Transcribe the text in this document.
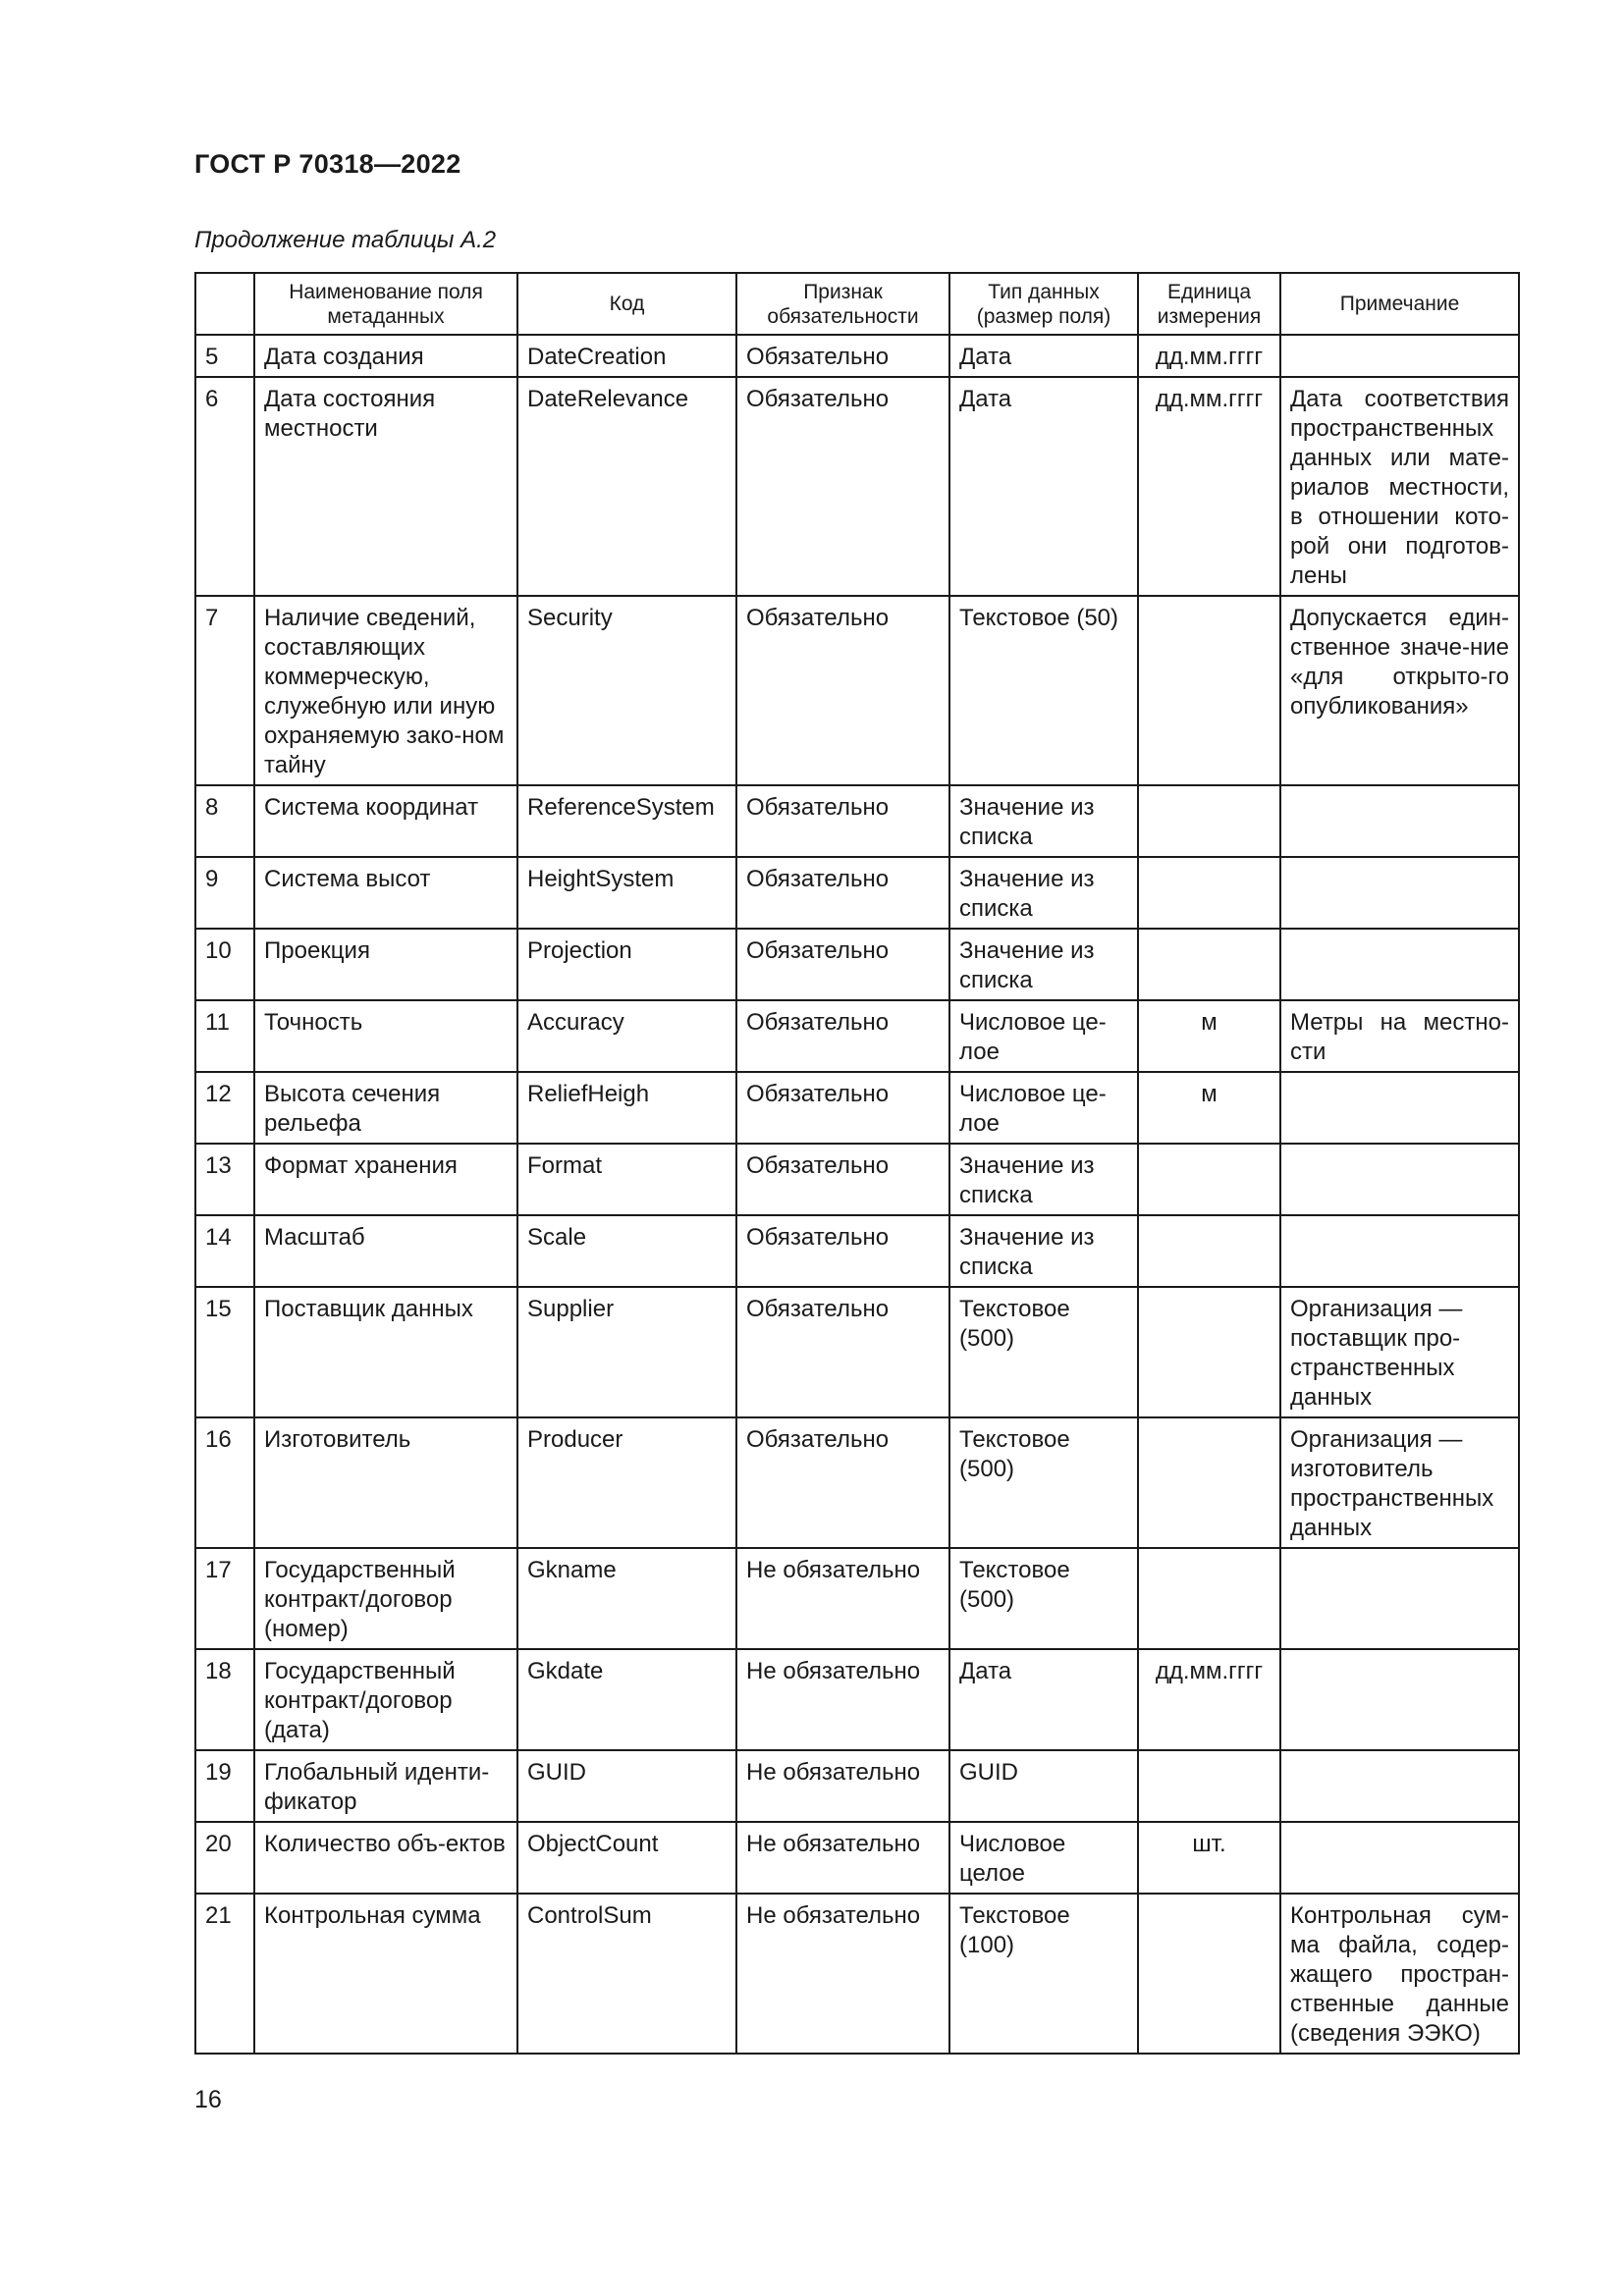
ГОСТ Р 70318—2022
Продолжение таблицы А.2
	Наименование поля метаданных	Код	Признак обязательности	Тип данных (размер поля)	Единица измерения	Примечание
5	Дата создания	DateCreation	Обязательно	Дата	дд.мм.гггг	
6	Дата состояния местности	DateRelevance	Обязательно	Дата	дд.мм.гггг	Дата соответствия пространственных данных или мате-риалов местности, в отношении кото-рой они подготов-лены
7	Наличие сведений, составляющих коммерческую, служебную или иную охраняемую зако-ном тайну	Security	Обязательно	Текстовое (50)		Допускается един-ственное значе-ние «для открыто-го опубликования»
8	Система координат	ReferenceSystem	Обязательно	Значение из списка		
9	Система высот	HeightSystem	Обязательно	Значение из списка		
10	Проекция	Projection	Обязательно	Значение из списка		
11	Точность	Accuracy	Обязательно	Числовое це-лое	м	Метры на местно-сти
12	Высота сечения рельефа	ReliefHeigh	Обязательно	Числовое це-лое	м	
13	Формат хранения	Format	Обязательно	Значение из списка		
14	Масштаб	Scale	Обязательно	Значение из списка		
15	Поставщик данных	Supplier	Обязательно	Текстовое (500)		Организация — поставщик про-странственных данных
16	Изготовитель	Producer	Обязательно	Текстовое (500)		Организация — изготовитель пространственных данных
17	Государственный контракт/договор (номер)	Gkname	Не обязательно	Текстовое (500)		
18	Государственный контракт/договор (дата)	Gkdate	Не обязательно	Дата	дд.мм.гггг	
19	Глобальный иденти-фикатор	GUID	Не обязательно	GUID		
20	Количество объ-ектов	ObjectCount	Не обязательно	Числовое целое	шт.	
21	Контрольная сумма	ControlSum	Не обязательно	Текстовое (100)		Контрольная сум-ма файла, содер-жащего простран-ственные данные (сведения ЭЭКО)
16
